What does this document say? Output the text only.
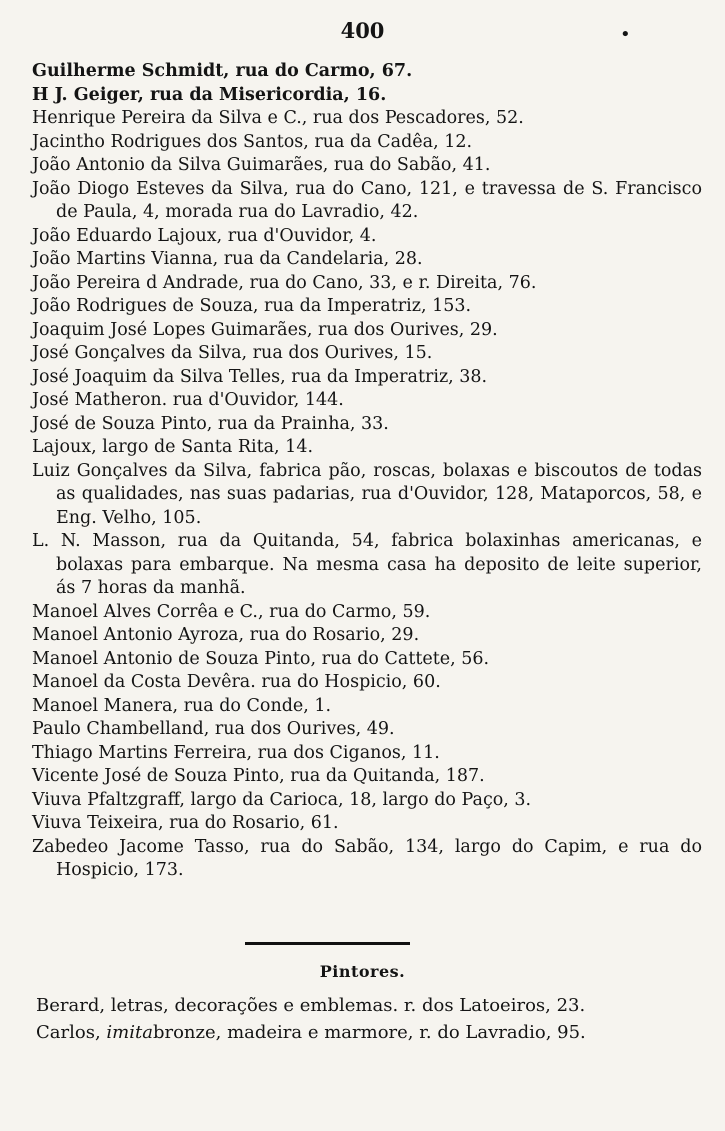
400	•
Guilherme Schmidt, rua do Carmo, 67.
H J. Geiger, rua da Misericordia, 16.
Henrique Pereira da Silva e C., rua dos Pescadores, 52.
Jacintho Rodrigues dos Santos, rua da Cadêa, 12.
João Antonio da Silva Guimarães, rua do Sabão, 41.
João Diogo Esteves da Silva, rua do Cano, 121, e travessa de S. Francisco de Paula, 4, morada rua do Lavradio, 42.
João Eduardo Lajoux, rua d'Ouvidor, 4.
João Martins Vianna, rua da Candelaria, 28.
João Pereira d Andrade, rua do Cano, 33, e r. Direita, 76.
João Rodrigues de Souza, rua da Imperatriz, 153.
Joaquim José Lopes Guimarães, rua dos Ourives, 29.
José Gonçalves da Silva, rua dos Ourives, 15.
José Joaquim da Silva Telles, rua da Imperatriz, 38.
José Matheron. rua d'Ouvidor, 144.
José de Souza Pinto, rua da Prainha, 33.
Lajoux, largo de Santa Rita, 14.
Luiz Gonçalves da Silva, fabrica pão, roscas, bolaxas e biscoutos de todas as qualidades, nas suas padarias, rua d'Ouvidor, 128, Mataporcos, 58, e Eng. Velho, 105.
L. N. Masson, rua da Quitanda, 54, fabrica bolaxinhas americanas, e bolaxas para embarque. Na mesma casa ha deposito de leite superior, ás 7 horas da manhã.
Manoel Alves Corrêa e C., rua do Carmo, 59.
Manoel Antonio Ayroza, rua do Rosario, 29.
Manoel Antonio de Souza Pinto, rua do Cattete, 56.
Manoel da Costa Devêra. rua do Hospicio, 60.
Manoel Manera, rua do Conde, 1.
Paulo Chambelland, rua dos Ourives, 49.
Thiago Martins Ferreira, rua dos Ciganos, 11.
Vicente José de Souza Pinto, rua da Quitanda, 187.
Viuva Pfaltzgraff, largo da Carioca, 18, largo do Paço, 3.
Viuva Teixeira, rua do Rosario, 61.
Zabedeo Jacome Tasso, rua do Sabão, 134, largo do Capim, e rua do Hospicio, 173.
Pintores.
Berard, letras, decorações e emblemas. r. dos Latoeiros, 23.
Carlos, imitabronze, madeira e marmore, r. do Lavradio, 95.
